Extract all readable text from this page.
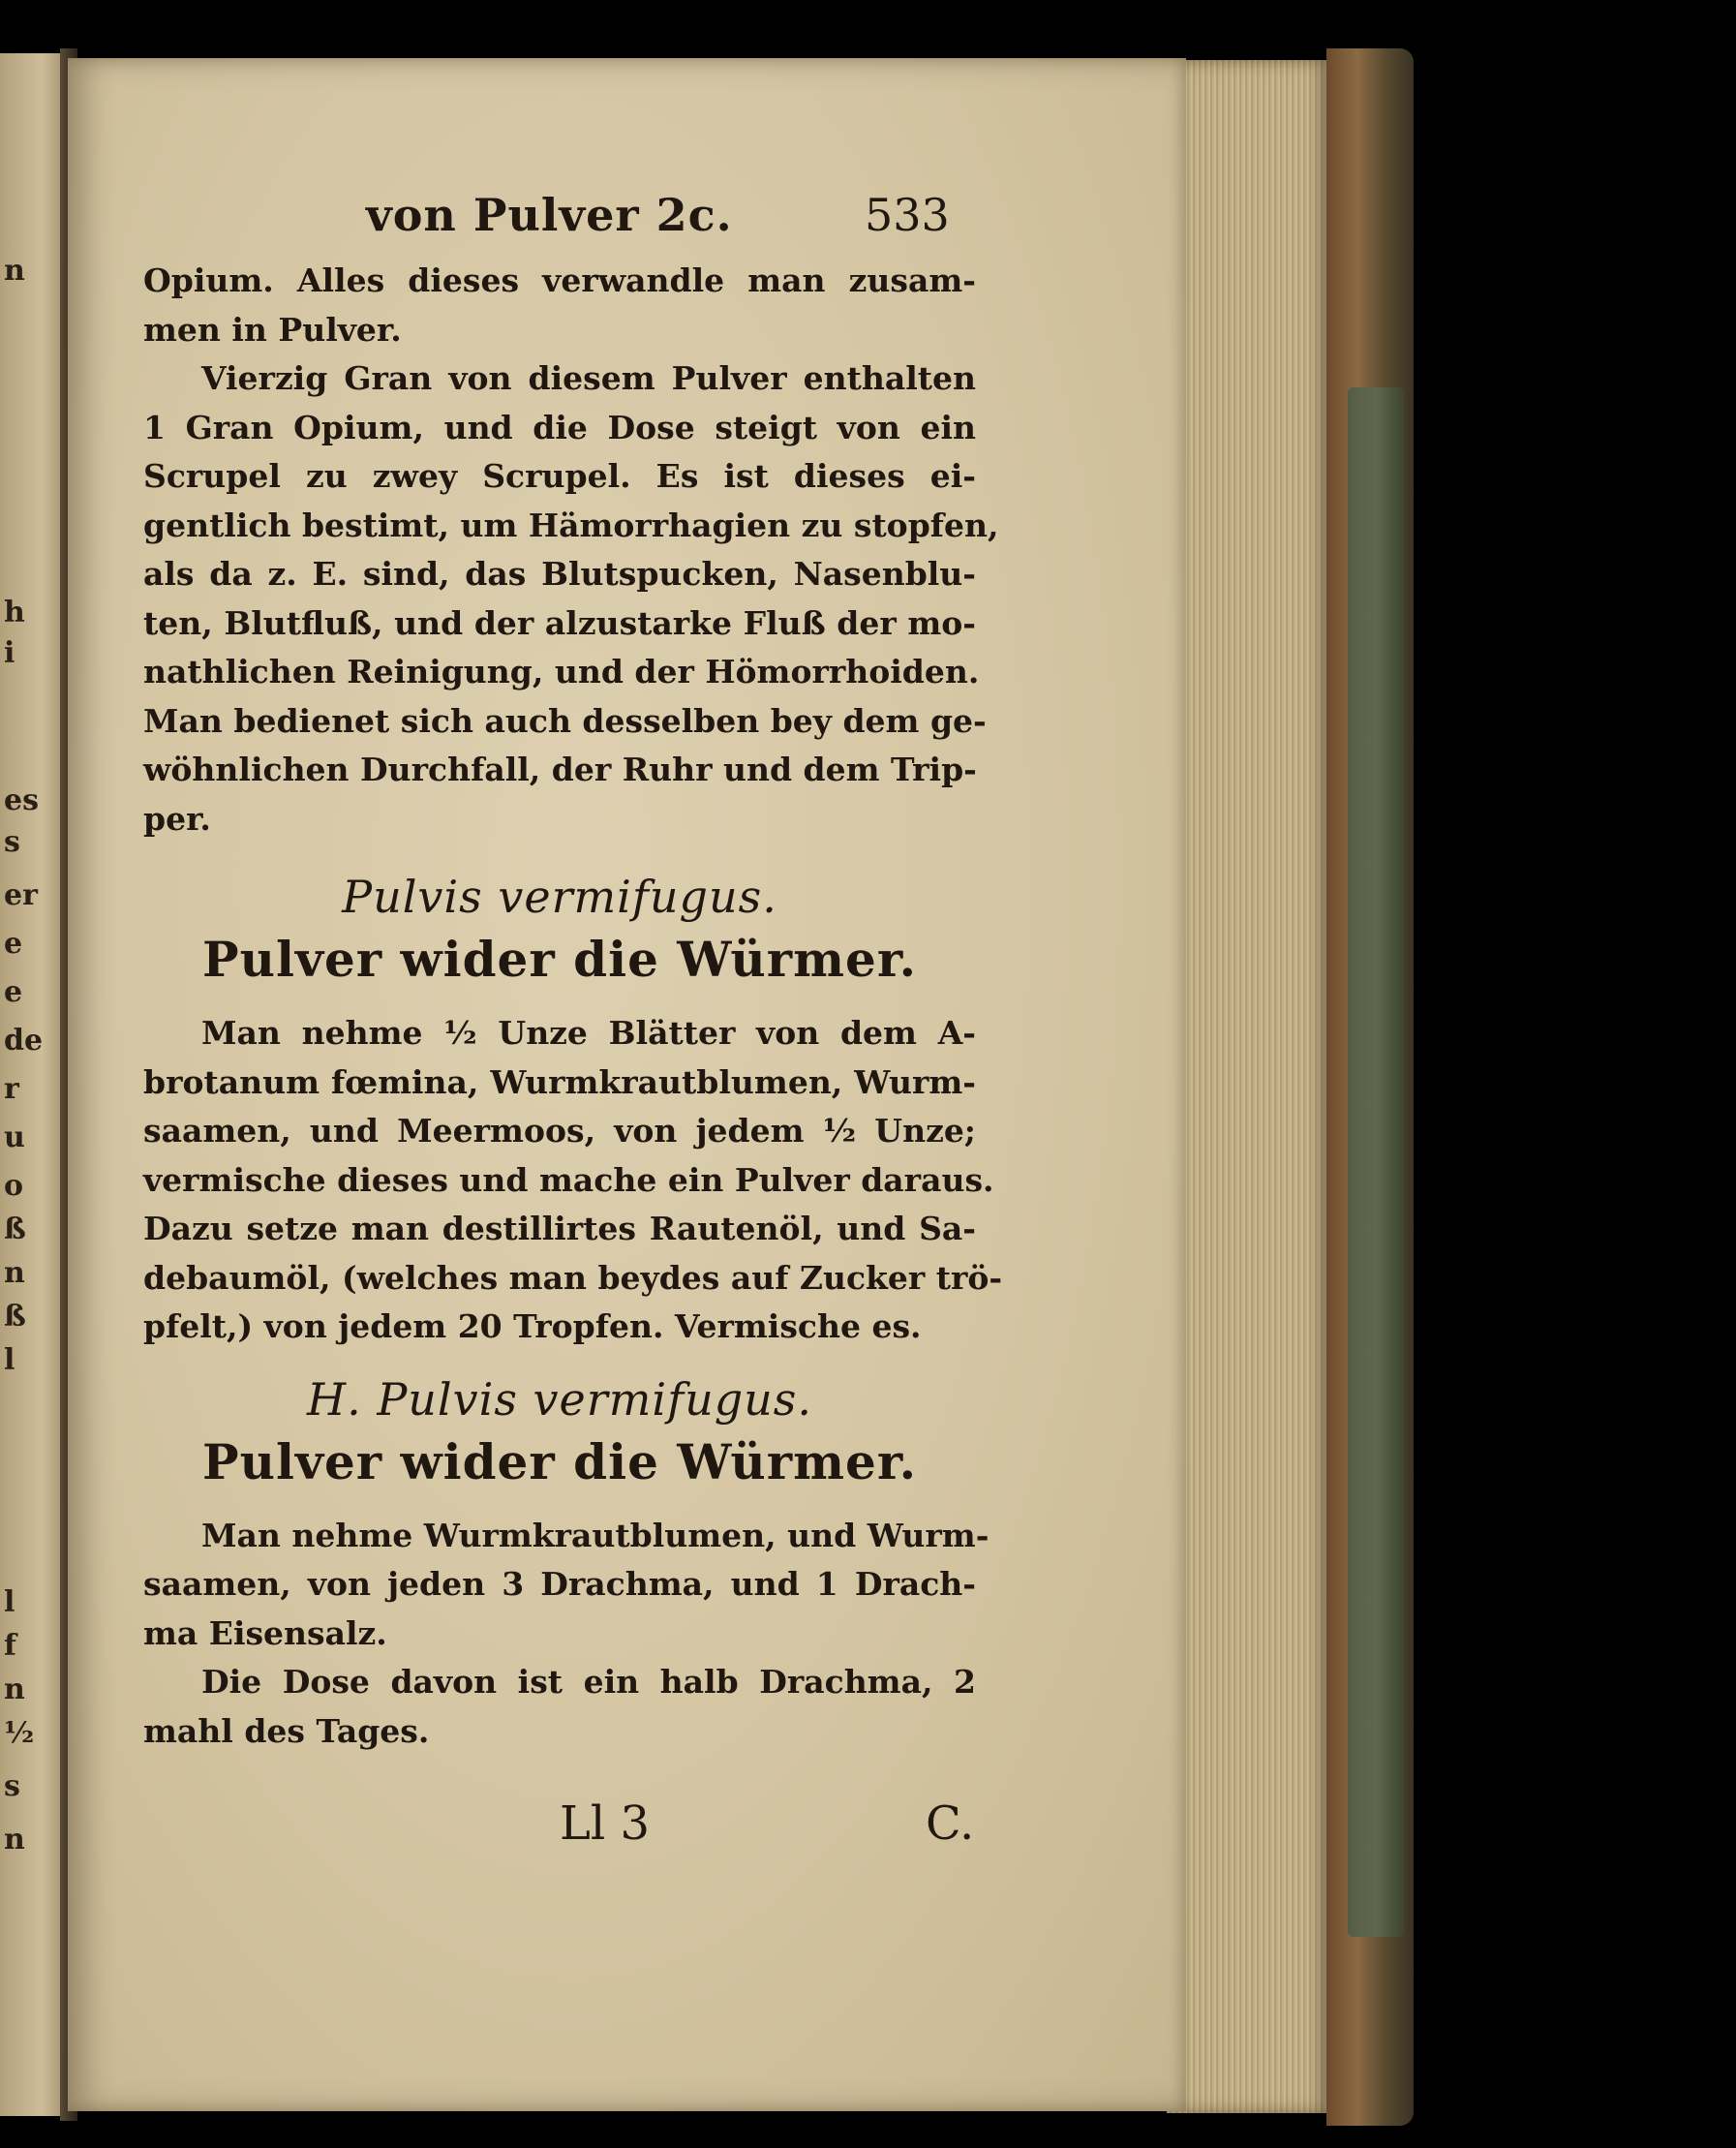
n
h
i
es
s
er
e
e
de
r
u
o
ß
n
ß
l
l
f
n
½
s
n
von Pulver 2c.	533
Opium. Alles dieses verwandle man zusam-
men in Pulver.
Vierzig Gran von diesem Pulver enthalten
1 Gran Opium, und die Dose steigt von ein
Scrupel zu zwey Scrupel. Es ist dieses ei-
gentlich bestimt, um Hämorrhagien zu stopfen,
als da z. E. sind, das Blutspucken, Nasenblu-
ten, Blutfluß, und der alzustarke Fluß der mo-
nathlichen Reinigung, und der Hömorrhoiden.
Man bedienet sich auch desselben bey dem ge-
wöhnlichen Durchfall, der Ruhr und dem Trip-
per.
Pulvis vermifugus.
Pulver wider die Würmer.
Man nehme ½ Unze Blätter von dem A-
brotanum fœmina, Wurmkrautblumen, Wurm-
saamen, und Meermoos, von jedem ½ Unze;
vermische dieses und mache ein Pulver daraus.
Dazu setze man destillirtes Rautenöl, und Sa-
debaumöl, (welches man beydes auf Zucker trö-
pfelt,) von jedem 20 Tropfen. Vermische es.
H. Pulvis vermifugus.
Pulver wider die Würmer.
Man nehme Wurmkrautblumen, und Wurm-
saamen, von jeden 3 Drachma, und 1 Drach-
ma Eisensalz.
Die Dose davon ist ein halb Drachma, 2
mahl des Tages.
Ll 3	C.
